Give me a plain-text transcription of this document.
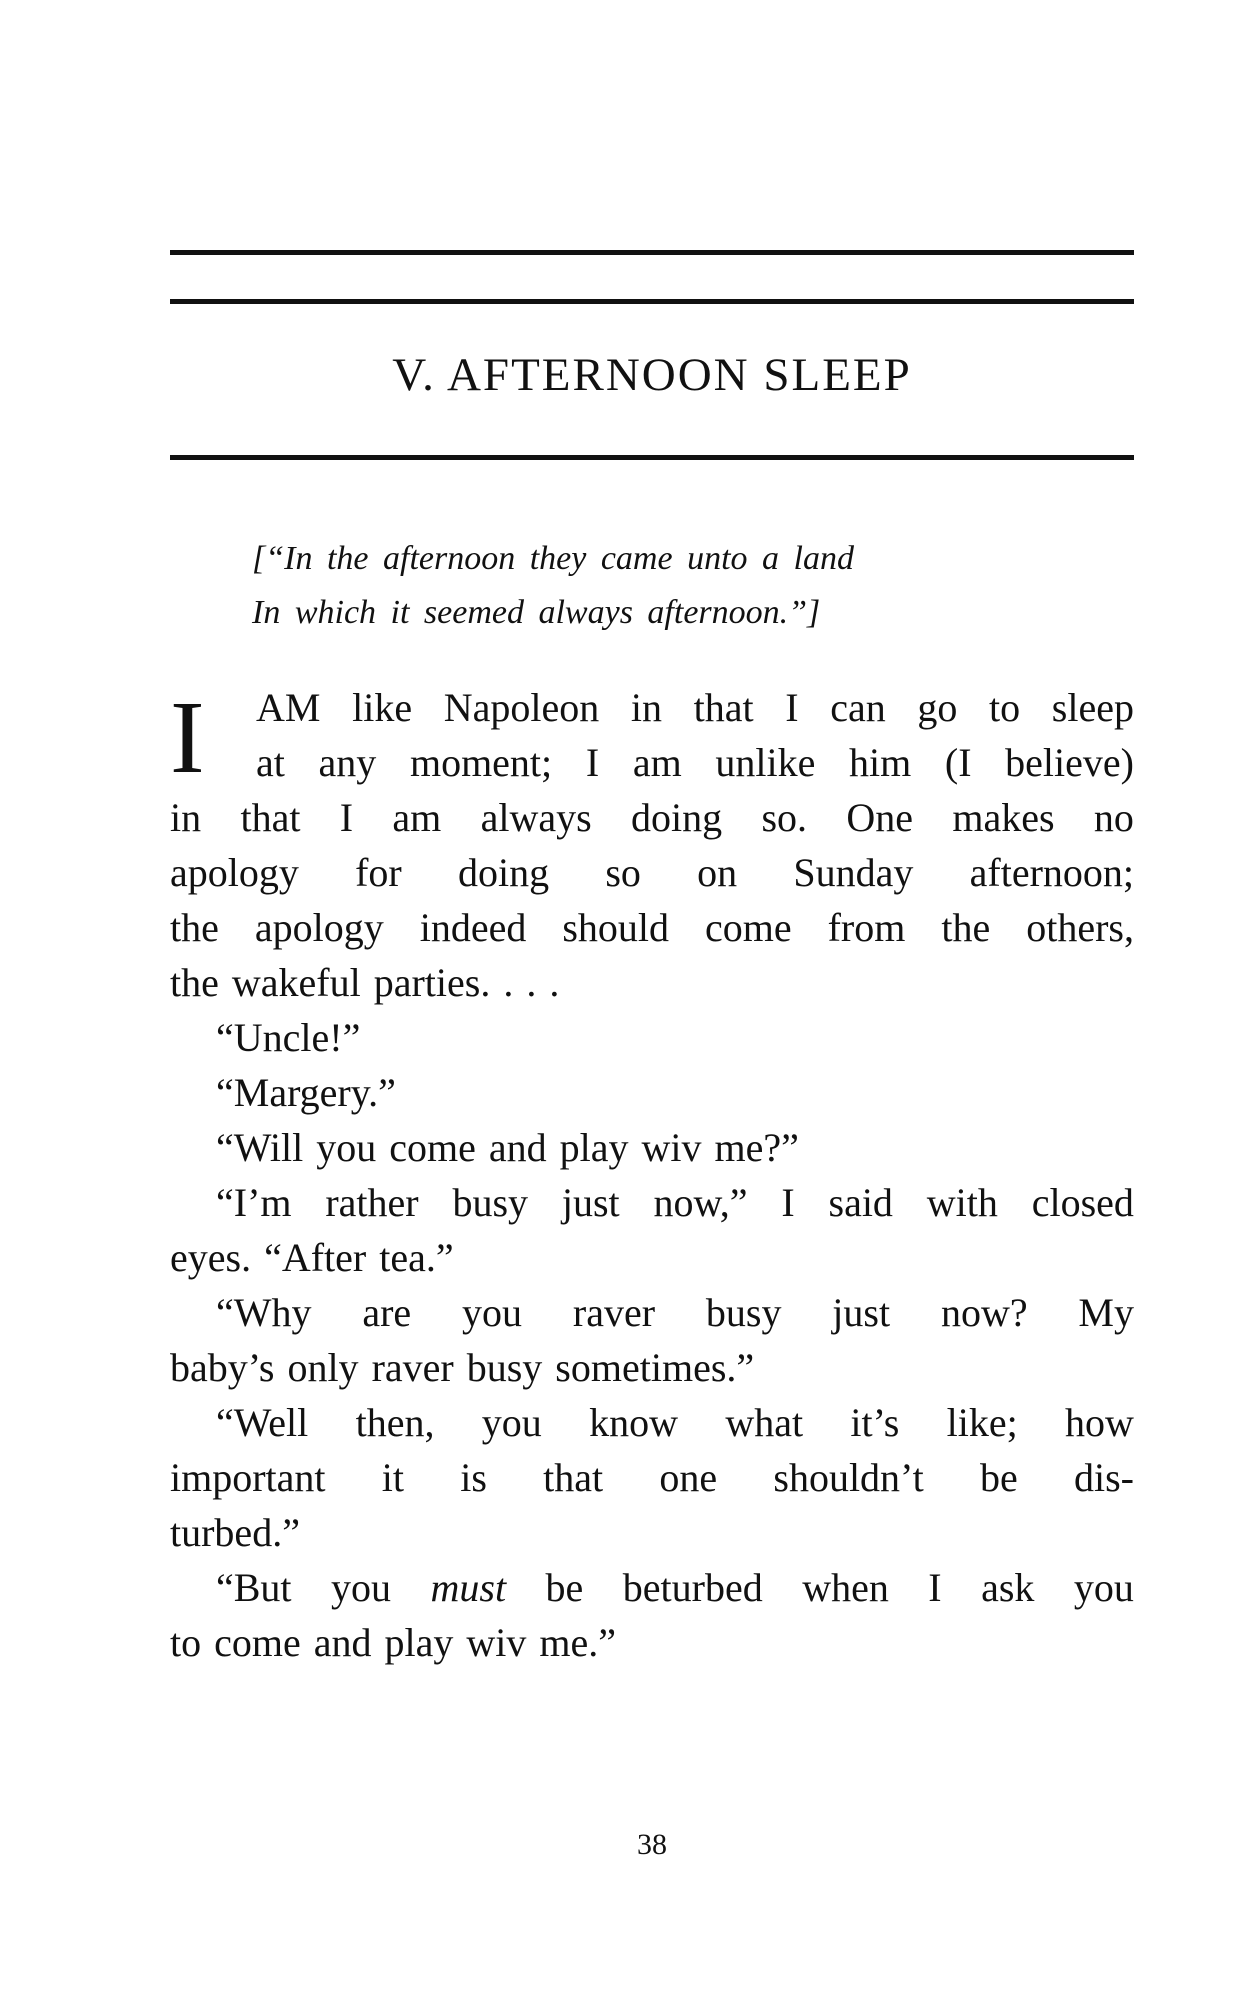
V. AFTERNOON SLEEP
[“In the afternoon they came unto a land
In which it seemed always afternoon.”]
I AM like Napoleon in that I can go to sleep
at any moment; I am unlike him (I believe)
in that I am always doing so. One makes no
apology for doing so on Sunday afternoon;
the apology indeed should come from the others,
the wakeful parties. . . .
“Uncle!”
“Margery.”
“Will you come and play wiv me?”
“I’m rather busy just now,” I said with closed
eyes. “After tea.”
“Why are you raver busy just now? My
baby’s only raver busy sometimes.”
“Well then, you know what it’s like; how
important it is that one shouldn’t be dis-
turbed.”
“But you must be beturbed when I ask you
to come and play wiv me.”
38
